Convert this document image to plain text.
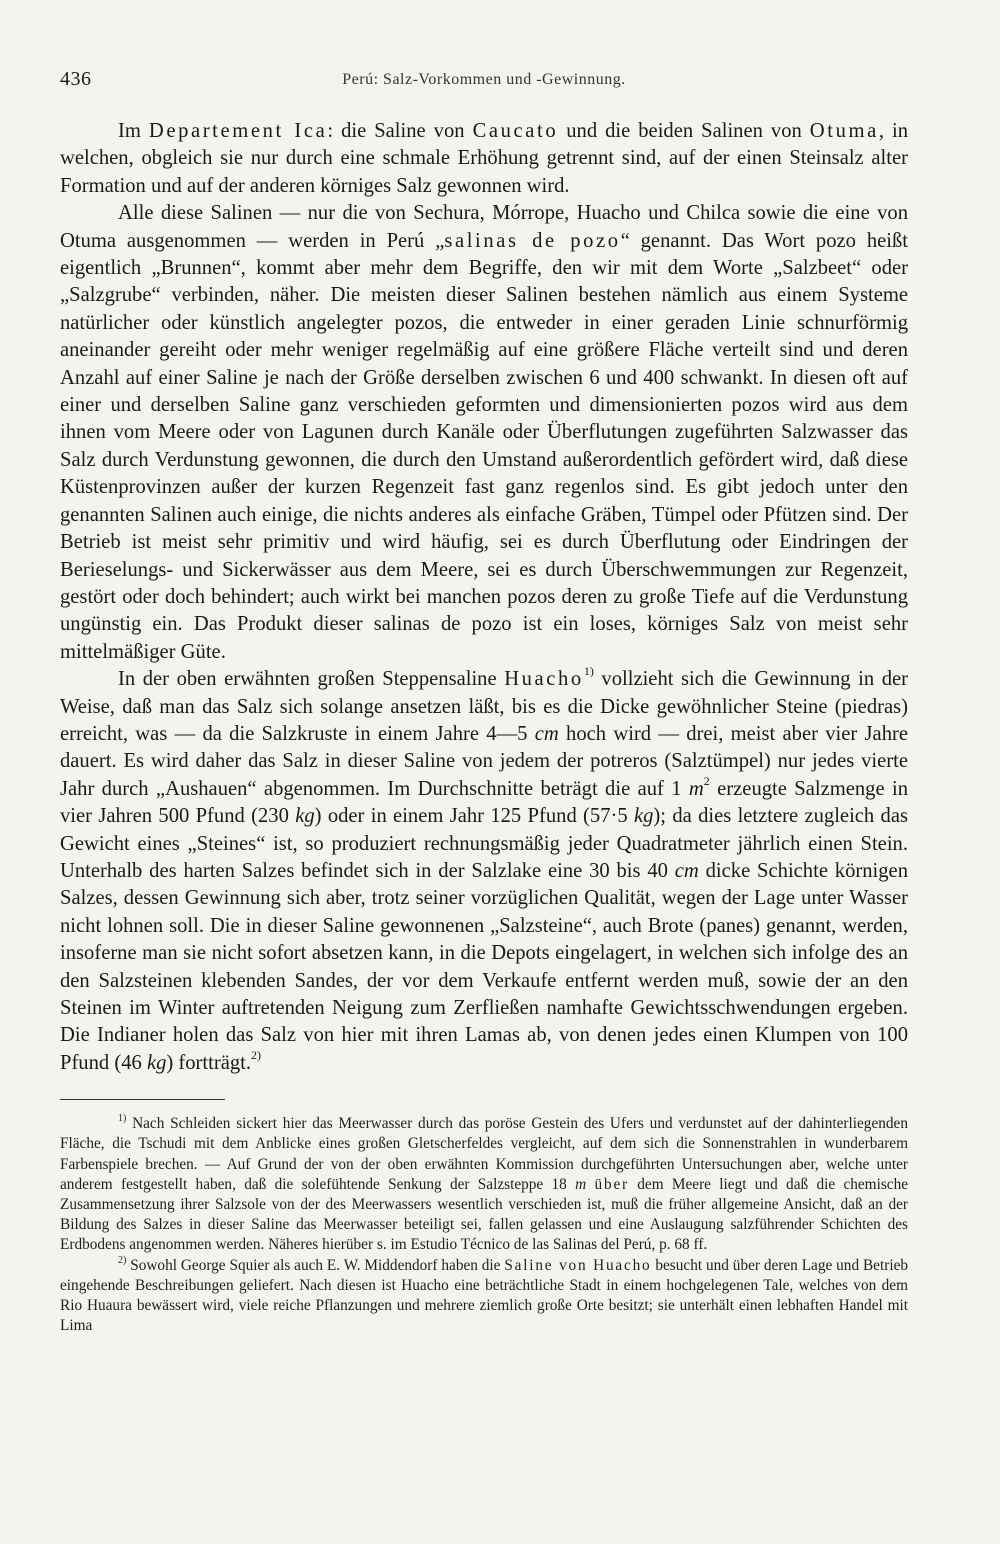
436	Perú: Salz-Vorkommen und -Gewinnung.

Im Departement Ica: die Saline von Caucato und die beiden Salinen von Otuma, in welchen, obgleich sie nur durch eine schmale Erhöhung getrennt sind, auf der einen Steinsalz alter Formation und auf der anderen körniges Salz gewonnen wird.

Alle diese Salinen — nur die von Sechura, Mórrope, Huacho und Chilca sowie die eine von Otuma ausgenommen — werden in Perú „salinas de pozo“ genannt. Das Wort pozo heißt eigentlich „Brunnen“, kommt aber mehr dem Begriffe, den wir mit dem Worte „Salzbeet“ oder „Salzgrube“ verbinden, näher. Die meisten dieser Salinen bestehen nämlich aus einem Systeme natürlicher oder künstlich angelegter pozos, die entweder in einer geraden Linie schnurförmig aneinander gereiht oder mehr weniger regelmäßig auf eine größere Fläche verteilt sind und deren Anzahl auf einer Saline je nach der Größe derselben zwischen 6 und 400 schwankt. In diesen oft auf einer und derselben Saline ganz verschieden geformten und dimensionierten pozos wird aus dem ihnen vom Meere oder von Lagunen durch Kanäle oder Überflutungen zugeführten Salzwasser das Salz durch Verdunstung gewonnen, die durch den Umstand außerordentlich gefördert wird, daß diese Küstenprovinzen außer der kurzen Regenzeit fast ganz regenlos sind. Es gibt jedoch unter den genannten Salinen auch einige, die nichts anderes als einfache Gräben, Tümpel oder Pfützen sind. Der Betrieb ist meist sehr primitiv und wird häufig, sei es durch Überflutung oder Eindringen der Berieselungs- und Sickerwässer aus dem Meere, sei es durch Überschwemmungen zur Regenzeit, gestört oder doch behindert; auch wirkt bei manchen pozos deren zu große Tiefe auf die Verdunstung ungünstig ein. Das Produkt dieser salinas de pozo ist ein loses, körniges Salz von meist sehr mittelmäßiger Güte.

In der oben erwähnten großen Steppensaline Huacho$^{1)}$ vollzieht sich die Gewinnung in der Weise, daß man das Salz sich solange ansetzen läßt, bis es die Dicke gewöhnlicher Steine (piedras) erreicht, was — da die Salzkruste in einem Jahre 4—5 cm hoch wird — drei, meist aber vier Jahre dauert. Es wird daher das Salz in dieser Saline von jedem der potreros (Salztümpel) nur jedes vierte Jahr durch „Aushauen“ abgenommen. Im Durchschnitte beträgt die auf 1 $m^2$ erzeugte Salzmenge in vier Jahren 500 Pfund (230 kg) oder in einem Jahr 125 Pfund (57·5 kg); da dies letztere zugleich das Gewicht eines „Steines“ ist, so produziert rechnungsmäßig jeder Quadratmeter jährlich einen Stein. Unterhalb des harten Salzes befindet sich in der Salzlake eine 30 bis 40 cm dicke Schichte körnigen Salzes, dessen Gewinnung sich aber, trotz seiner vorzüglichen Qualität, wegen der Lage unter Wasser nicht lohnen soll. Die in dieser Saline gewonnenen „Salzsteine“, auch Brote (panes) genannt, werden, insoferne man sie nicht sofort absetzen kann, in die Depots eingelagert, in welchen sich infolge des an den Salzsteinen klebenden Sandes, der vor dem Verkaufe entfernt werden muß, sowie der an den Steinen im Winter auftretenden Neigung zum Zerfließen namhafte Gewichtsschwendungen ergeben. Die Indianer holen das Salz von hier mit ihren Lamas ab, von denen jedes einen Klumpen von 100 Pfund (46 kg) fortträgt.$^{2)}$

$^{1)}$ Nach Schleiden sickert hier das Meerwasser durch das poröse Gestein des Ufers und verdunstet auf der dahinterliegenden Fläche, die Tschudi mit dem Anblicke eines großen Gletscherfeldes vergleicht, auf dem sich die Sonnenstrahlen in wunderbarem Farbenspiele brechen. — Auf Grund der von der oben erwähnten Kommission durchgeführten Untersuchungen aber, welche unter anderem festgestellt haben, daß die solefühtende Senkung der Salzsteppe 18 m über dem Meere liegt und daß die chemische Zusammensetzung ihrer Salzsole von der des Meerwassers wesentlich verschieden ist, muß die früher allgemeine Ansicht, daß an der Bildung des Salzes in dieser Saline das Meerwasser beteiligt sei, fallen gelassen und eine Auslaugung salzführender Schichten des Erdbodens angenommen werden. Näheres hierüber s. im Estudio Técnico de las Salinas del Perú, p. 68 ff.

$^{2)}$ Sowohl George Squier als auch E. W. Middendorf haben die Saline von Huacho besucht und über deren Lage und Betrieb eingehende Beschreibungen geliefert. Nach diesen ist Huacho eine beträchtliche Stadt in einem hochgelegenen Tale, welches von dem Rio Huaura bewässert wird, viele reiche Pflanzungen und mehrere ziemlich große Orte besitzt; sie unterhält einen lebhaften Handel mit Lima
